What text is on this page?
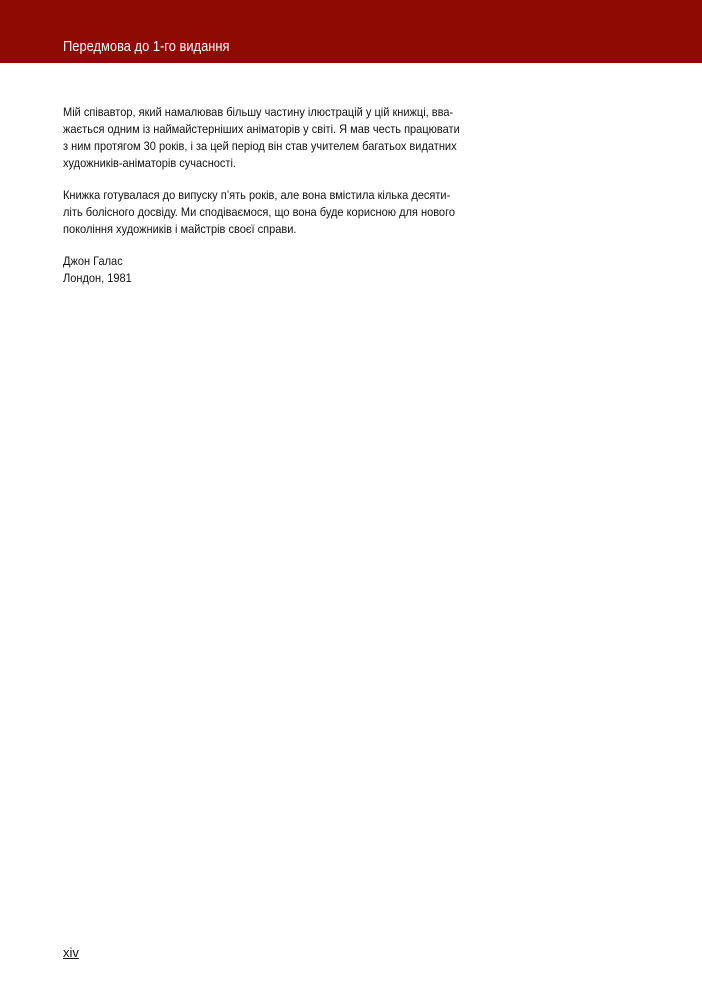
Передмова до 1-го видання
Мій співавтор, який намалював більшу частину ілюстрацій у цій книжці, вва-
жається одним із наймайстерніших аніматорів у світі. Я мав честь працювати
з ним протягом 30 років, і за цей період він став учителем багатьох видатних
художників-аніматорів сучасності.
Книжка готувалася до випуску п’ять років, але вона вмістила кілька десяти-
літь болісного досвіду. Ми сподіваємося, що вона буде корисною для нового
покоління художників і майстрів своєї справи.
Джон Галас
Лондон, 1981
xiv
